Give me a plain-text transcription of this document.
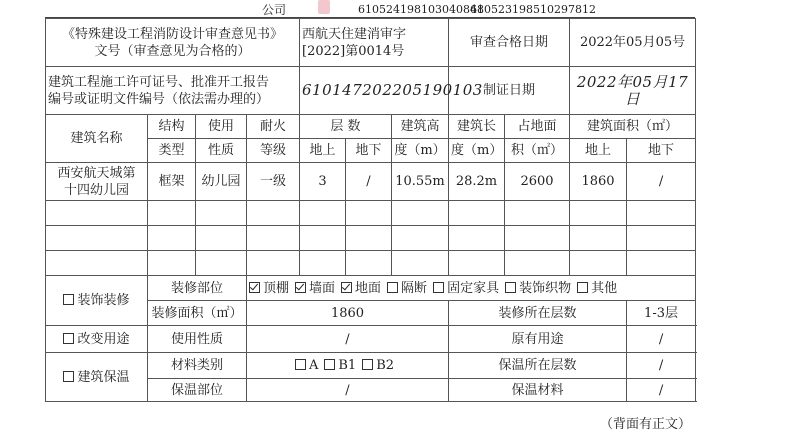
公司	610524198103040848
610523198510297812
《特殊建设工程消防设计审查意见书》
文号（审查意见为合格的）				西航天住建消审字[2022]第0014号			审查合格日期		2022年05月05号	

建筑工程施工许可证号、批准开工报告
编号或证明文件编号（依法需办理的）				610147202205190103			制证日期		2022年05月17日	
建筑名称	结构	使用	耐火	层 数		建筑高	建筑长	占地面	建筑面积（㎡）	
	类型	性质	等级	地上	地下	度（m）	度（m）	积（㎡）	地上	地下

西安航天城第
十四幼儿园	框架	幼儿园	一级	3	/	10.55m	28.2m	2600	1860	/

装饰装修	装修部位		顶棚 墙面 地面 隔断 固定家具 装饰织物 其他							
	装修面积（㎡）		1860				装修所在层数			1-3层
改变用途	使用性质		/				原有用途			/
建筑保温	材料类别		A B1 B2				保温所在层数			/
	保温部位		/				保温材料			/
（背面有正文）
